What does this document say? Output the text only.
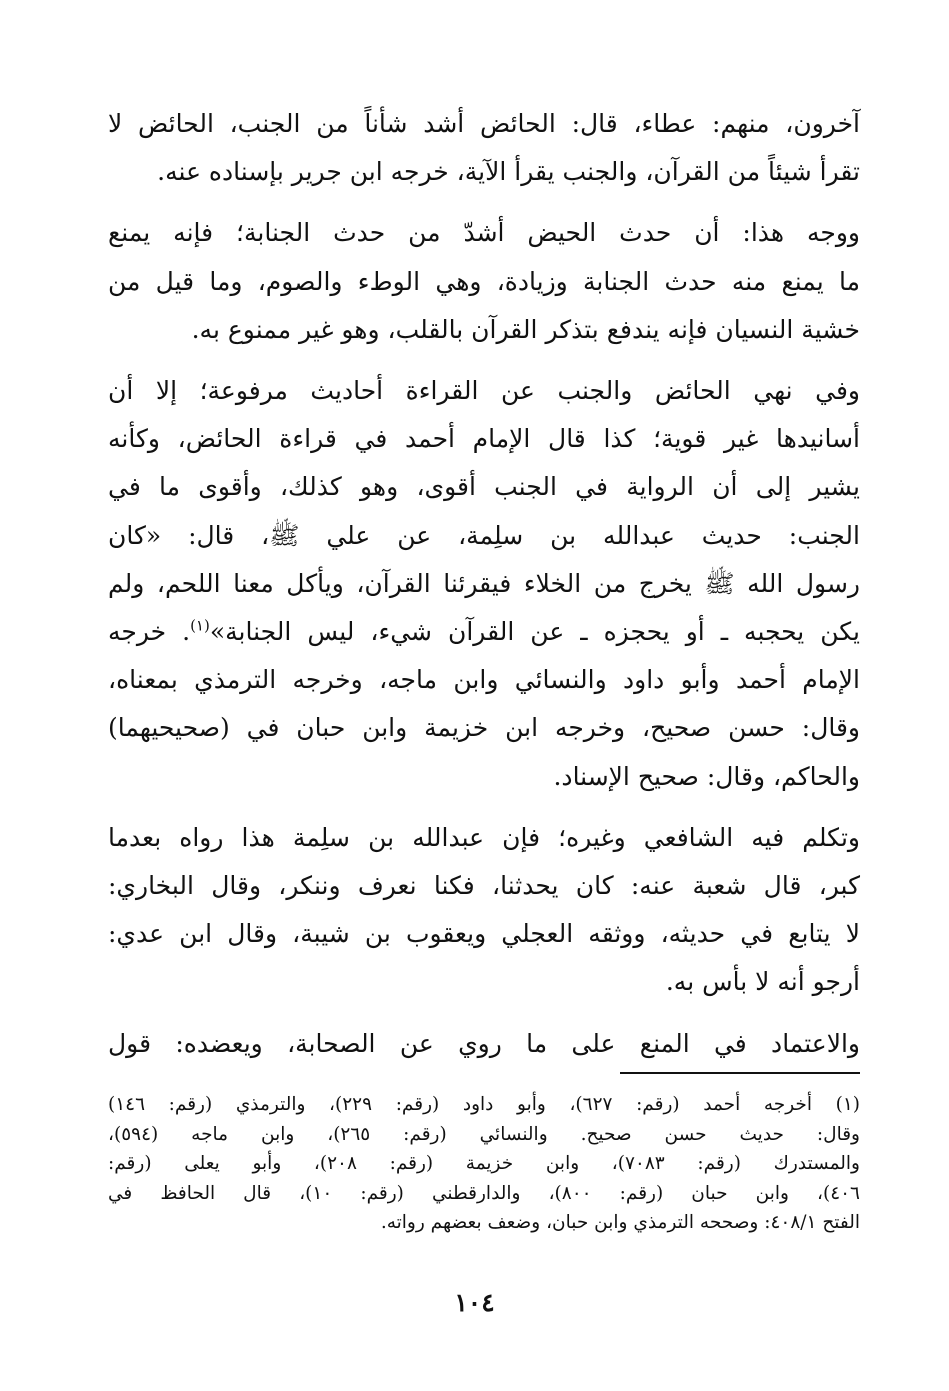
آخرون، منهم: عطاء، قال: الحائض أشد شأناً من الجنب، الحائض لا
تقرأ شيئاً من القرآن، والجنب يقرأ الآية، خرجه ابن جرير بإسناده عنه.

ووجه هذا: أن حدث الحيض أشدّ من حدث الجنابة؛ فإنه يمنع
ما يمنع منه حدث الجنابة وزيادة، وهي الوطء والصوم، وما قيل من
خشية النسيان فإنه يندفع بتذكر القرآن بالقلب، وهو غير ممنوع به.

وفي نهي الحائض والجنب عن القراءة أحاديث مرفوعة؛ إلا أن
أسانيدها غير قوية؛ كذا قال الإمام أحمد في قراءة الحائض، وكأنه
يشير إلى أن الرواية في الجنب أقوى، وهو كذلك، وأقوى ما في
الجنب: حديث عبدالله بن سلِمة، عن علي ﷺ، قال: «كان
رسول الله ﷺ يخرج من الخلاء فيقرئنا القرآن، ويأكل معنا اللحم، ولم
يكن يحجبه ـ أو يحجزه ـ عن القرآن شيء، ليس الجنابة»$^{(١)}$. خرجه
الإمام أحمد وأبو داود والنسائي وابن ماجه، وخرجه الترمذي بمعناه،
وقال: حسن صحيح، وخرجه ابن خزيمة وابن حبان في (صحيحيهما)
والحاكم، وقال: صحيح الإسناد.

وتكلم فيه الشافعي وغيره؛ فإن عبدالله بن سلِمة هذا رواه بعدما
كبر، قال شعبة عنه: كان يحدثنا، فكنا نعرف وننكر، وقال البخاري:
لا يتابع في حديثه، ووثقه العجلي ويعقوب بن شيبة، وقال ابن عدي:
أرجو أنه لا بأس به.

والاعتماد في المنع على ما روي عن الصحابة، ويعضده: قول

(١) أخرجه أحمد (رقم: ٦٢٧)، وأبو داود (رقم: ٢٢٩)، والترمذي (رقم: ١٤٦)
وقال: حديث حسن صحيح. والنسائي (رقم: ٢٦٥)، وابن ماجه (٥٩٤)،
والمستدرك (رقم: ٧٠٨٣)، وابن خزيمة (رقم: ٢٠٨)، وأبو يعلى (رقم:
٤٠٦)، وابن حبان (رقم: ٨٠٠)، والدارقطني (رقم: ١٠)، قال الحافظ في
الفتح ٤٠٨/١: وصححه الترمذي وابن حبان، وضعف بعضهم رواته.
١٠٤
